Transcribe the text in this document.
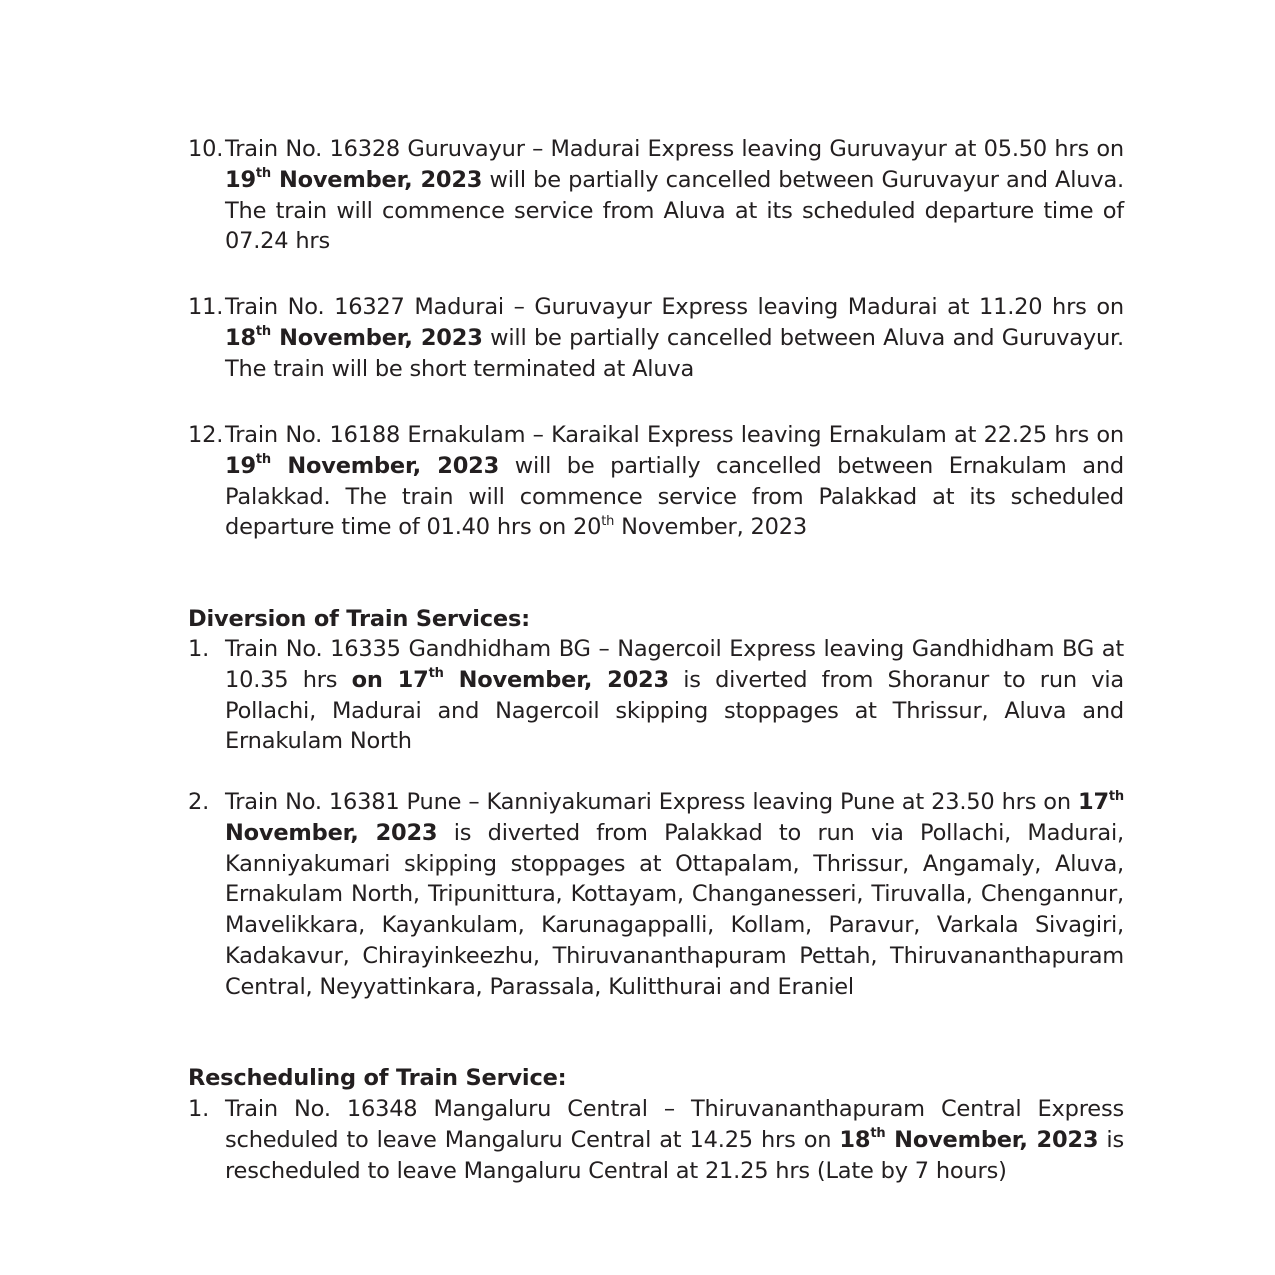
10. Train No. 16328 Guruvayur – Madurai Express leaving Guruvayur at 05.50 hrs on 19th November, 2023 will be partially cancelled between Guruvayur and Aluva. The train will commence service from Aluva at its scheduled departure time of 07.24 hrs
11. Train No. 16327 Madurai – Guruvayur Express leaving Madurai at 11.20 hrs on 18th November, 2023 will be partially cancelled between Aluva and Guruvayur. The train will be short terminated at Aluva
12. Train No. 16188 Ernakulam – Karaikal Express leaving Ernakulam at 22.25 hrs on 19th November, 2023 will be partially cancelled between Ernakulam and Palakkad. The train will commence service from Palakkad at its scheduled departure time of 01.40 hrs on 20th November, 2023
Diversion of Train Services:
1. Train No. 16335 Gandhidham BG – Nagercoil Express leaving Gandhidham BG at 10.35 hrs on 17th November, 2023 is diverted from Shoranur to run via Pollachi, Madurai and Nagercoil skipping stoppages at Thrissur, Aluva and Ernakulam North
2. Train No. 16381 Pune – Kanniyakumari Express leaving Pune at 23.50 hrs on 17th November, 2023 is diverted from Palakkad to run via Pollachi, Madurai, Kanniyakumari skipping stoppages at Ottapalam, Thrissur, Angamaly, Aluva, Ernakulam North, Tripunittura, Kottayam, Changanesseri, Tiruvalla, Chengannur, Mavelikkara, Kayankulam, Karunagappalli, Kollam, Paravur, Varkala Sivagiri, Kadakavur, Chirayinkeezhu, Thiruvananthapuram Pettah, Thiruvananthapuram Central, Neyyattinkara, Parassala, Kulitthurai and Eraniel
Rescheduling of Train Service:
1. Train No. 16348 Mangaluru Central – Thiruvananthapuram Central Express scheduled to leave Mangaluru Central at 14.25 hrs on 18th November, 2023 is rescheduled to leave Mangaluru Central at 21.25 hrs (Late by 7 hours)
